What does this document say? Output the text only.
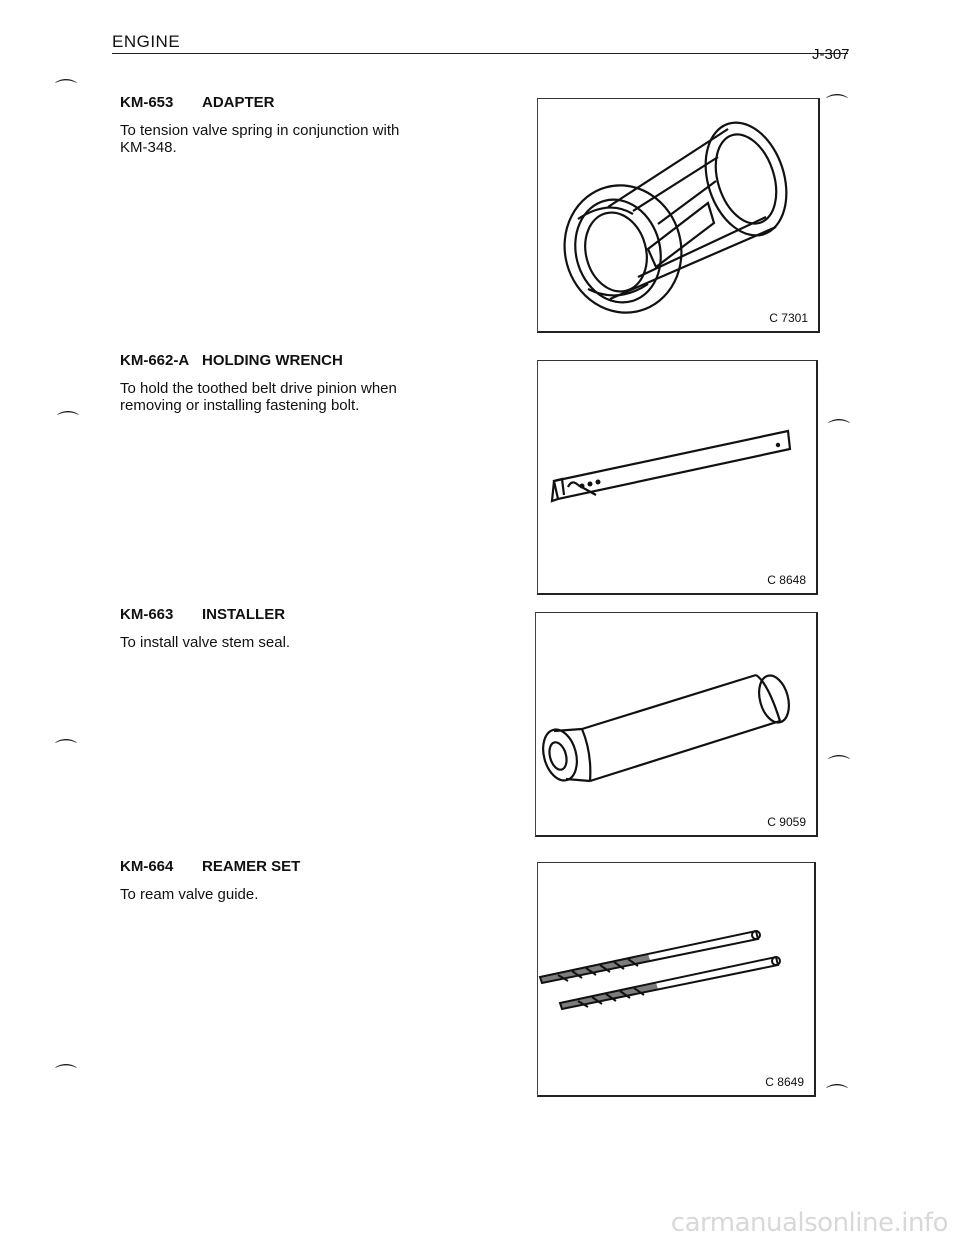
ENGINE
J-307
⌒
⌒
⌒	⌒
⌒
⌒
⌒
⌒
KM-653 ADAPTER
To tension valve spring in conjunction with
KM-348.
C 7301
KM-662-A HOLDING WRENCH
To hold the toothed belt drive pinion when
removing or installing fastening bolt.
C 8648
KM-663 INSTALLER
To install valve stem seal.
C 9059
KM-664 REAMER SET
To ream valve guide.
C 8649
carmanualsonline.info
